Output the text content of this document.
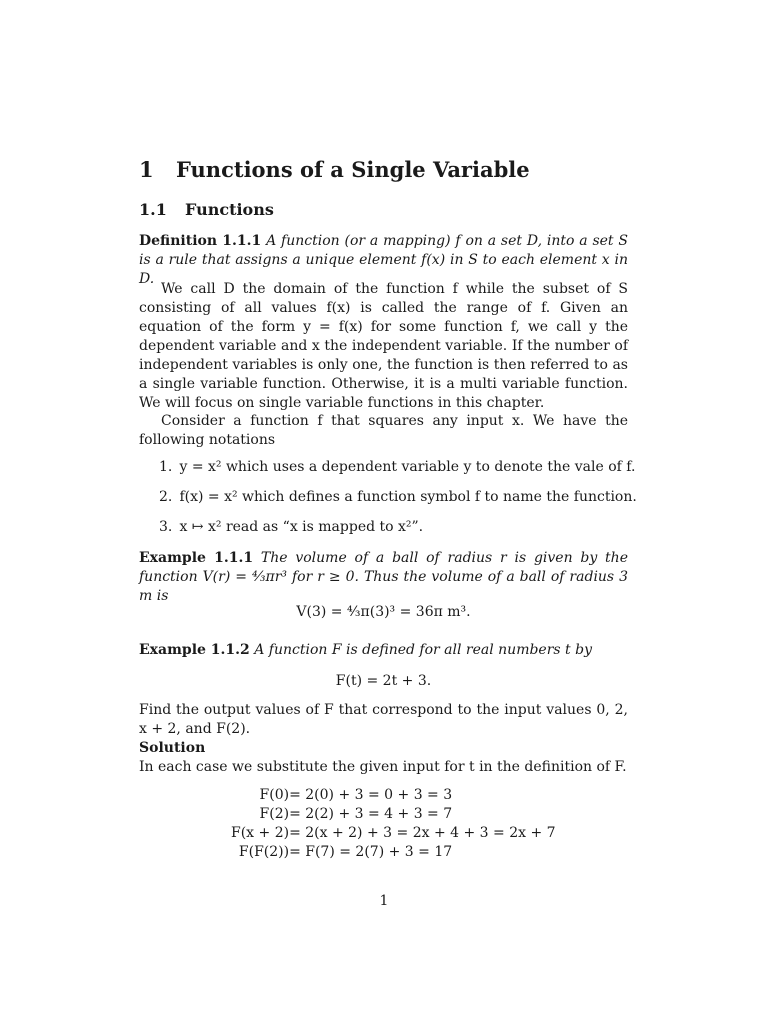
1 Functions of a Single Variable
1.1 Functions
Definition 1.1.1 A function (or a mapping) f on a set D, into a set S is a rule that assigns a unique element f(x) in S to each element x in D.
We call D the domain of the function f while the subset of S consisting of all values f(x) is called the range of f. Given an equation of the form y = f(x) for some function f, we call y the dependent variable and x the independent variable. If the number of independent variables is only one, the function is then referred to as a single variable function. Otherwise, it is a multi variable function. We will focus on single variable functions in this chapter.
Consider a function f that squares any input x. We have the following notations
1. y = x² which uses a dependent variable y to denote the vale of f.
2. f(x) = x² which defines a function symbol f to name the function.
3. x ↦ x² read as “x is mapped to x²”.
Example 1.1.1 The volume of a ball of radius r is given by the function V(r) = ⁴⁄₃πr³ for r ≥ 0. Thus the volume of a ball of radius 3 m is
V(3) = ⁴⁄₃π(3)³ = 36π m³.
Example 1.1.2 A function F is defined for all real numbers t by
F(t) = 2t + 3.
Find the output values of F that correspond to the input values 0, 2, x + 2, and F(2).
Solution
In each case we substitute the given input for t in the definition of F.
F(0)	= 2(0) + 3 = 0 + 3 = 3
F(2)	= 2(2) + 3 = 4 + 3 = 7
F(x + 2)	= 2(x + 2) + 3 = 2x + 4 + 3 = 2x + 7
F(F(2))	= F(7) = 2(7) + 3 = 17
1
